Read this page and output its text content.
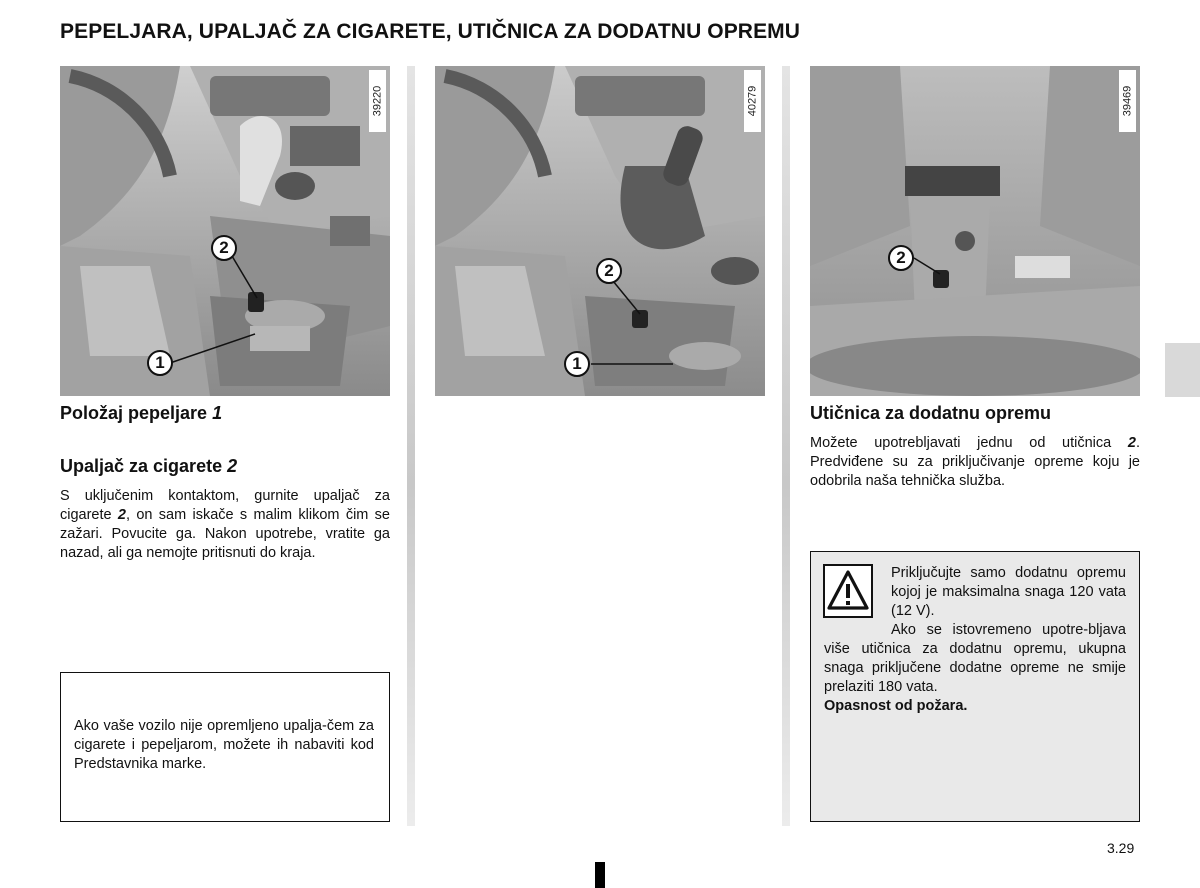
PEPELJARA, UPALJAČ ZA CIGARETE, UTIČNICA ZA DODATNU OPREMU
39220
2
1
40279
2
1
39469
2
Položaj pepeljare 1
Upaljač za cigarete 2

S uključenim kontaktom, gurnite upaljač za cigarete 2, on sam iskače s malim klikom čim se zažari. Povucite ga. Nakon upotrebe, vratite ga nazad, ali ga nemojte pritisnuti do kraja.

Ako vaše vozilo nije opremljeno upalja-čem za cigarete i pepeljarom, možete ih nabaviti kod Predstavnika marke.

Utičnica za dodatnu opremu

Možete upotrebljavati jednu od utičnica 2. Predviđene su za priključivanje opreme koju je odobrila naša tehnička služba.

Priključujte samo dodatnu opremu kojoj je maksimalna snaga 120 vata (12 V).
Ako se istovremeno upotre-bljava više utičnica za dodatnu opremu, ukupna snaga priključene dodatne opreme ne smije prelaziti 180 vata.
Opasnost od požara.
3.29
